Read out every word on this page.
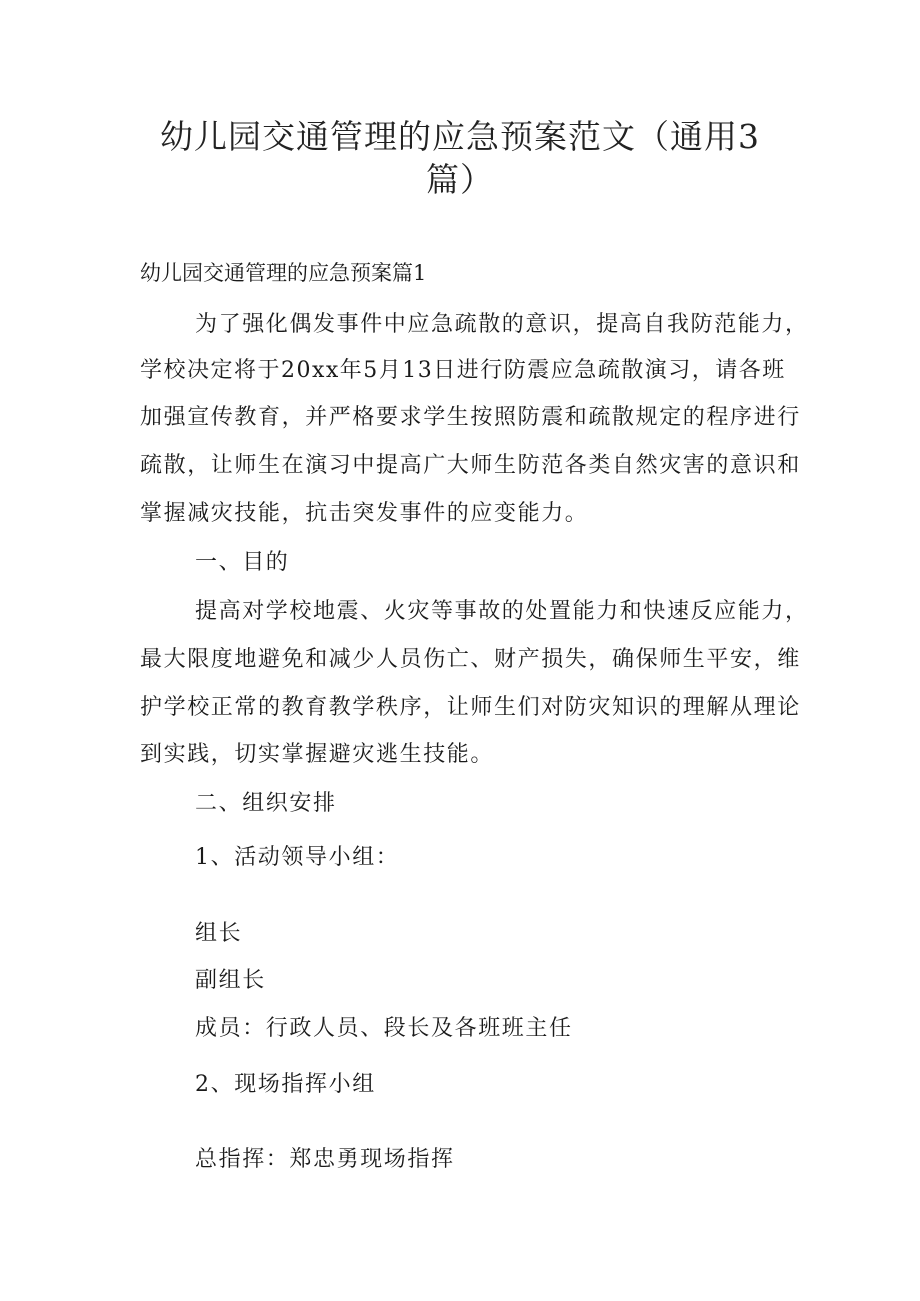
幼儿园交通管理的应急预案范文（通用3
篇）

幼儿园交通管理的应急预案篇1

为了强化偶发事件中应急疏散的意识，提高自我防范能力，

学校决定将于20xx年5月13日进行防震应急疏散演习，请各班

加强宣传教育，并严格要求学生按照防震和疏散规定的程序进行

疏散，让师生在演习中提高广大师生防范各类自然灾害的意识和

掌握减灾技能，抗击突发事件的应变能力。

一、目的

提高对学校地震、火灾等事故的处置能力和快速反应能力，

最大限度地避免和减少人员伤亡、财产损失，确保师生平安，维

护学校正常的教育教学秩序，让师生们对防灾知识的理解从理论

到实践，切实掌握避灾逃生技能。

二、组织安排

1、活动领导小组：

组长

副组长

成员：行政人员、段长及各班班主任

2、现场指挥小组

总指挥：郑忠勇现场指挥
